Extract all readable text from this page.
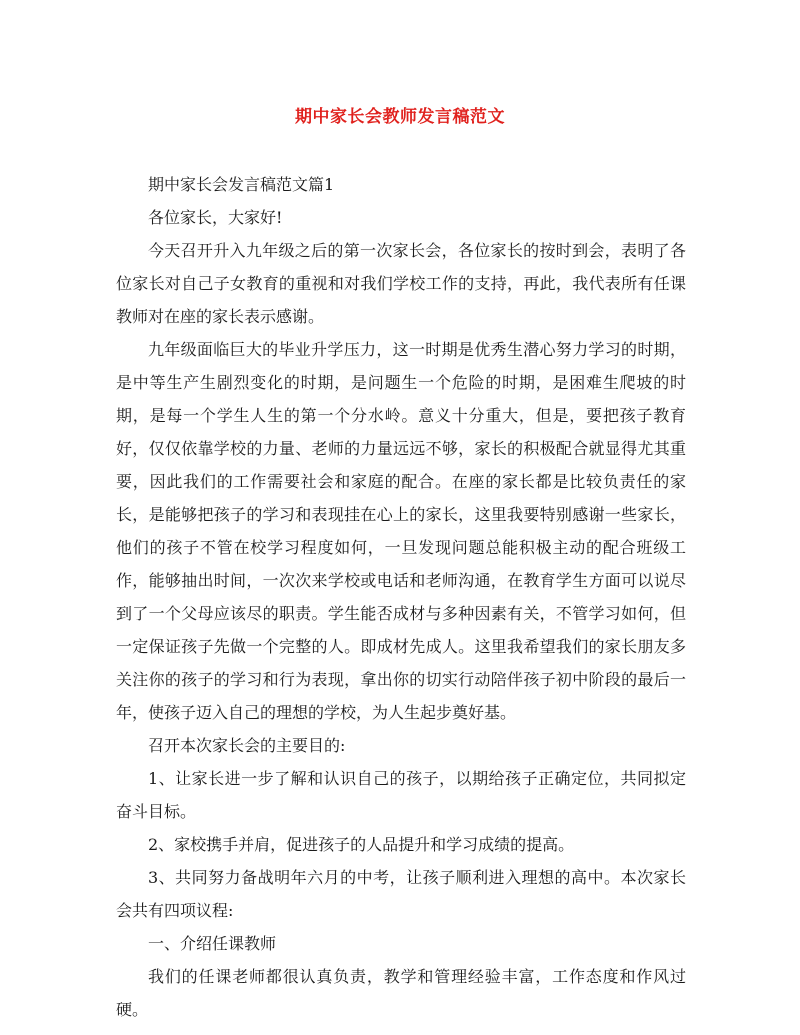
期中家长会教师发言稿范文

期中家长会发言稿范文篇1

各位家长，大家好!

今天召开升入九年级之后的第一次家长会，各位家长的按时到会，表明了各位家长对自己子女教育的重视和对我们学校工作的支持，再此，我代表所有任课教师对在座的家长表示感谢。

九年级面临巨大的毕业升学压力，这一时期是优秀生潜心努力学习的时期，是中等生产生剧烈变化的时期，是问题生一个危险的时期，是困难生爬坡的时期，是每一个学生人生的第一个分水岭。意义十分重大，但是，要把孩子教育好，仅仅依靠学校的力量、老师的力量远远不够，家长的积极配合就显得尤其重要，因此我们的工作需要社会和家庭的配合。在座的家长都是比较负责任的家长，是能够把孩子的学习和表现挂在心上的家长，这里我要特别感谢一些家长，他们的孩子不管在校学习程度如何，一旦发现问题总能积极主动的配合班级工作，能够抽出时间，一次次来学校或电话和老师沟通，在教育学生方面可以说尽到了一个父母应该尽的职责。学生能否成材与多种因素有关，不管学习如何，但一定保证孩子先做一个完整的人。即成材先成人。这里我希望我们的家长朋友多关注你的孩子的学习和行为表现，拿出你的切实行动陪伴孩子初中阶段的最后一年，使孩子迈入自己的理想的学校，为人生起步奠好基。

召开本次家长会的主要目的:

1、让家长进一步了解和认识自己的孩子，以期给孩子正确定位，共同拟定奋斗目标。

2、家校携手并肩，促进孩子的人品提升和学习成绩的提高。

3、共同努力备战明年六月的中考，让孩子顺利进入理想的高中。本次家长会共有四项议程:

一、介绍任课教师

我们的任课老师都很认真负责，教学和管理经验丰富，工作态度和作风过硬。
